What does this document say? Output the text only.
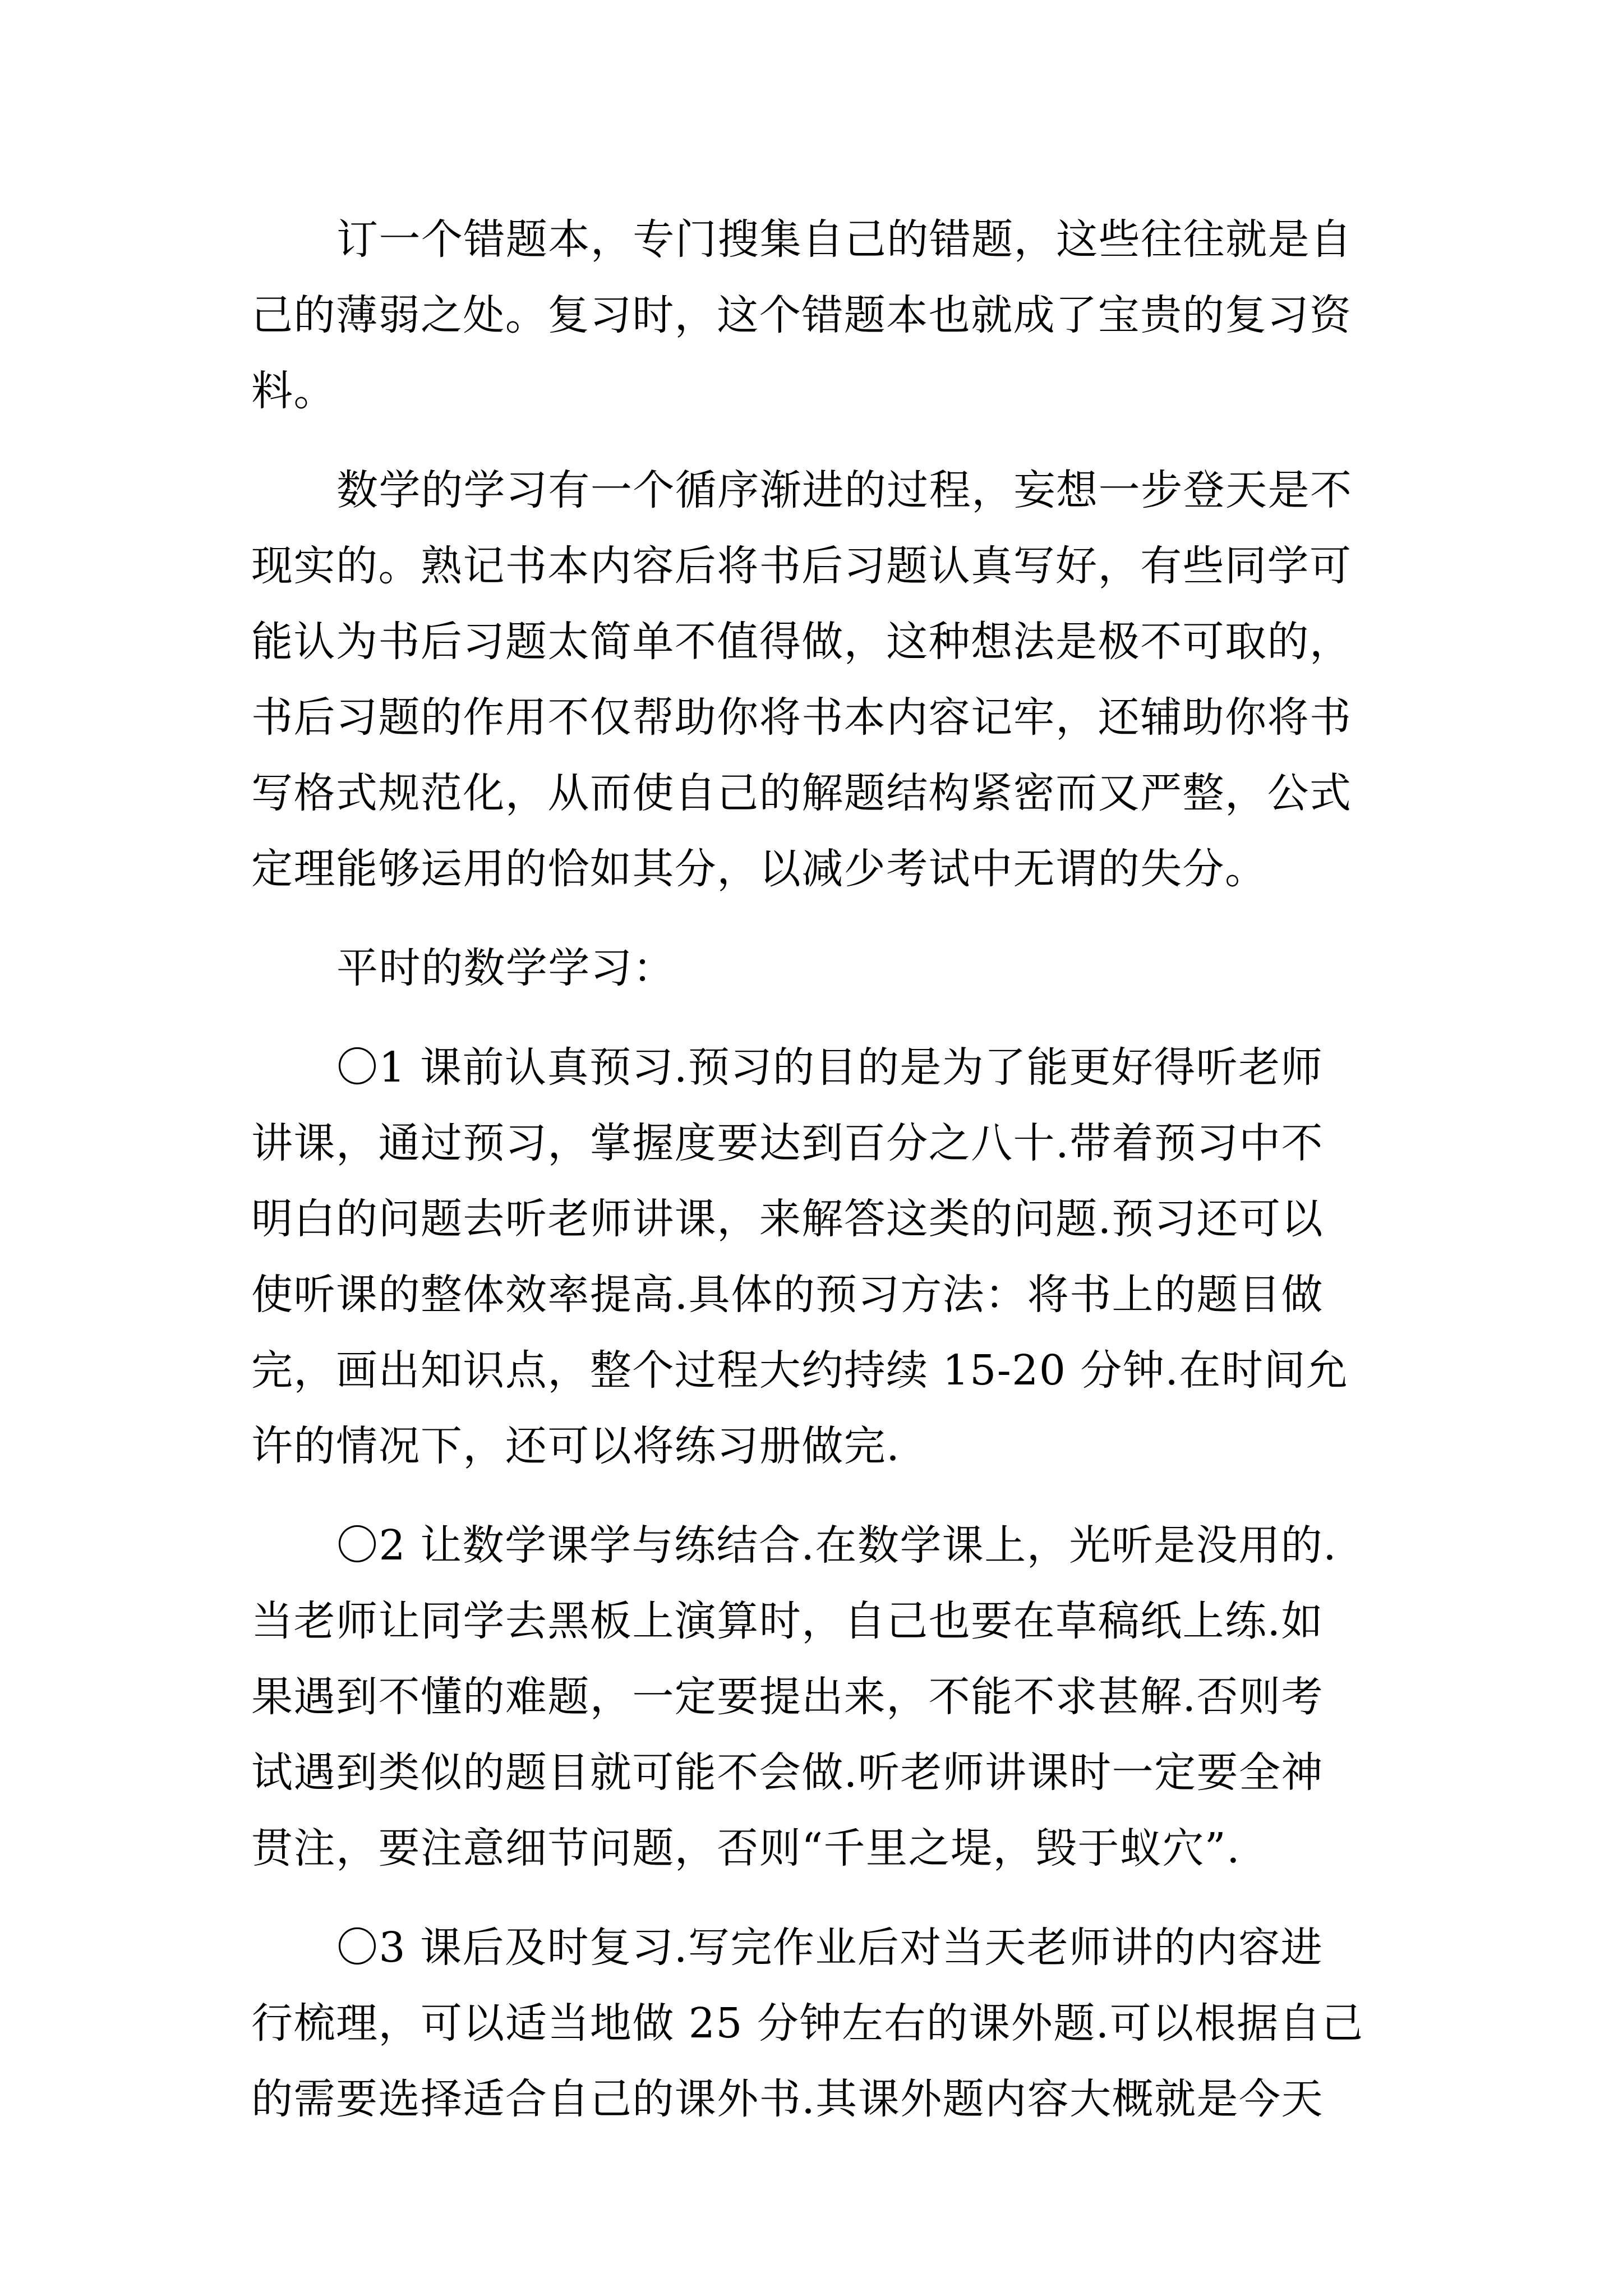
订一个错题本，专门搜集自己的错题，这些往往就是自
己的薄弱之处。复习时，这个错题本也就成了宝贵的复习资
料。
数学的学习有一个循序渐进的过程，妄想一步登天是不
现实的。熟记书本内容后将书后习题认真写好，有些同学可
能认为书后习题太简单不值得做，这种想法是极不可取的，
书后习题的作用不仅帮助你将书本内容记牢，还辅助你将书
写格式规范化，从而使自己的解题结构紧密而又严整，公式
定理能够运用的恰如其分，以减少考试中无谓的失分。
平时的数学学习：
〇1 课前认真预习.预习的目的是为了能更好得听老师
讲课，通过预习，掌握度要达到百分之八十.带着预习中不
明白的问题去听老师讲课，来解答这类的问题.预习还可以
使听课的整体效率提高.具体的预习方法：将书上的题目做
完，画出知识点，整个过程大约持续 15-20 分钟.在时间允
许的情况下，还可以将练习册做完.
〇2 让数学课学与练结合.在数学课上，光听是没用的.
当老师让同学去黑板上演算时，自己也要在草稿纸上练.如
果遇到不懂的难题，一定要提出来，不能不求甚解.否则考
试遇到类似的题目就可能不会做.听老师讲课时一定要全神
贯注，要注意细节问题，否则“千里之堤，毁于蚁穴”.
〇3 课后及时复习.写完作业后对当天老师讲的内容进
行梳理，可以适当地做 25 分钟左右的课外题.可以根据自己
的需要选择适合自己的课外书.其课外题内容大概就是今天
